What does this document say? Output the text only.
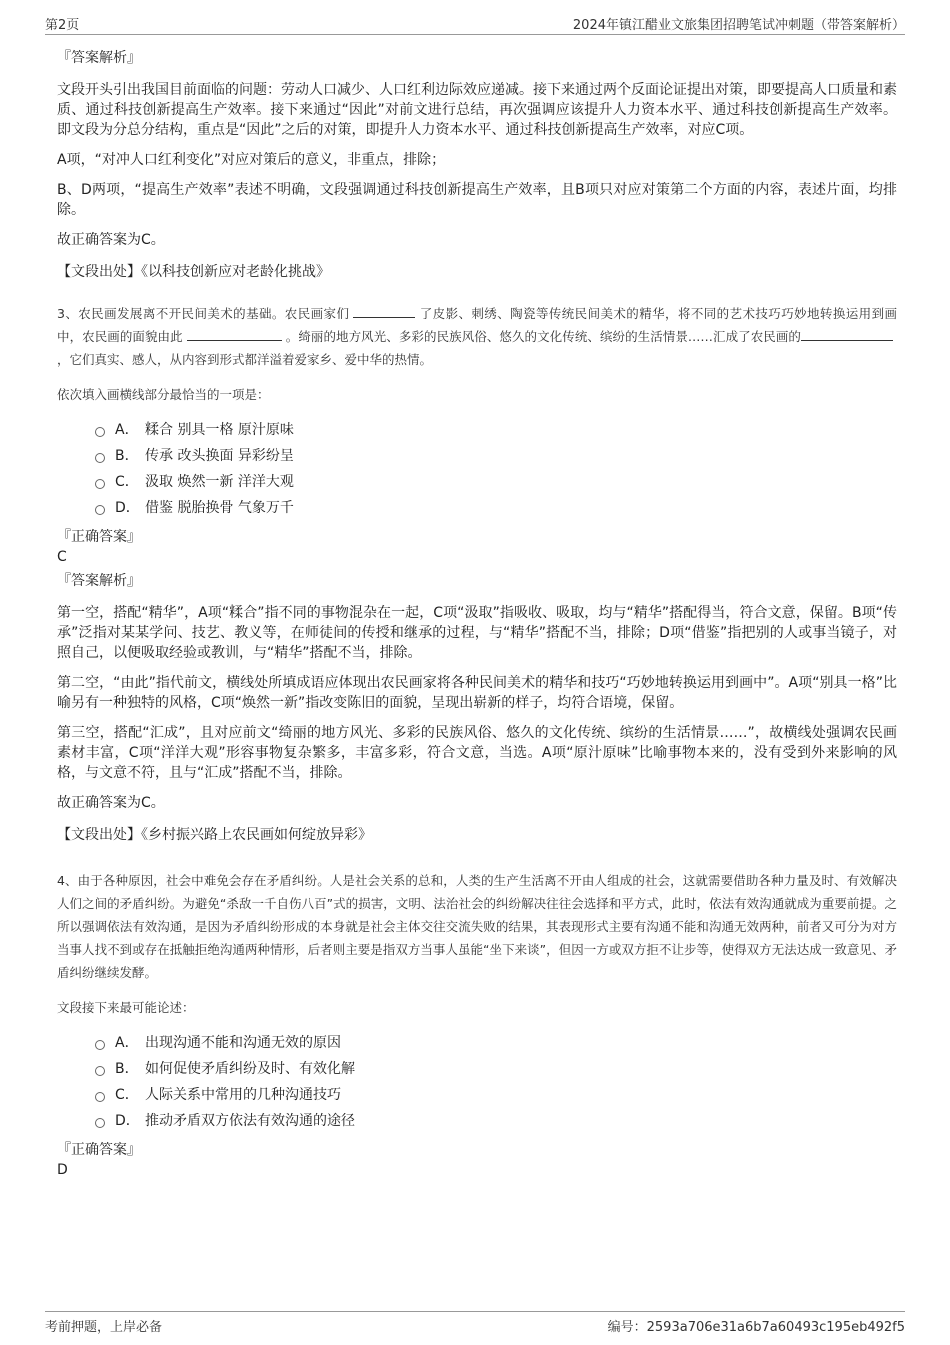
第2页	2024年镇江醋业文旅集团招聘笔试冲刺题（带答案解析）

『答案解析』

文段开头引出我国目前面临的问题：劳动人口减少、人口红利边际效应递减。接下来通过两个反面论证提出对策，即要提高人口质量和素质、通过科技创新提高生产效率。接下来通过“因此”对前文进行总结，再次强调应该提升人力资本水平、通过科技创新提高生产效率。即文段为分总分结构，重点是“因此”之后的对策，即提升人力资本水平、通过科技创新提高生产效率，对应C项。

A项，“对冲人口红利变化”对应对策后的意义，非重点，排除；

B、D两项，“提高生产效率”表述不明确，文段强调通过科技创新提高生产效率，且B项只对应对策第二个方面的内容，表述片面，均排除。

故正确答案为C。

【文段出处】《以科技创新应对老龄化挑战》

3、农民画发展离不开民间美术的基础。农民画家们	了皮影、刺绣、陶瓷等传统民间美术的精华，将不同的艺术技巧巧妙地转换运用到画中，农民画的面貌由此	。绮丽的地方风光、多彩的民族风俗、悠久的文化传统、缤纷的生活情景……汇成了农民画的，它们真实、感人，从内容到形式都洋溢着爱家乡、爱中华的热情。

依次填入画横线部分最恰当的一项是：

A． 糅合 别具一格 原汁原味
B． 传承 改头换面 异彩纷呈
C． 汲取 焕然一新 洋洋大观
D． 借鉴 脱胎换骨 气象万千

『正确答案』

C

『答案解析』

第一空，搭配“精华”，A项“糅合”指不同的事物混杂在一起，C项“汲取”指吸收、吸取，均与“精华”搭配得当，符合文意，保留。B项“传承”泛指对某某学问、技艺、教义等，在师徒间的传授和继承的过程，与“精华”搭配不当，排除；D项“借鉴”指把别的人或事当镜子，对照自己，以便吸取经验或教训，与“精华”搭配不当，排除。

第二空，“由此”指代前文，横线处所填成语应体现出农民画家将各种民间美术的精华和技巧“巧妙地转换运用到画中”。A项“别具一格”比喻另有一种独特的风格，C项“焕然一新”指改变陈旧的面貌，呈现出崭新的样子，均符合语境，保留。

第三空，搭配“汇成”，且对应前文“绮丽的地方风光、多彩的民族风俗、悠久的文化传统、缤纷的生活情景……”，故横线处强调农民画素材丰富，C项“洋洋大观”形容事物复杂繁多，丰富多彩，符合文意，当选。A项“原汁原味”比喻事物本来的，没有受到外来影响的风格，与文意不符，且与“汇成”搭配不当，排除。

故正确答案为C。

【文段出处】《乡村振兴路上农民画如何绽放异彩》

4、由于各种原因，社会中难免会存在矛盾纠纷。人是社会关系的总和，人类的生产生活离不开由人组成的社会，这就需要借助各种力量及时、有效解决人们之间的矛盾纠纷。为避免“杀敌一千自伤八百”式的损害，文明、法治社会的纠纷解决往往会选择和平方式，此时，依法有效沟通就成为重要前提。之所以强调依法有效沟通，是因为矛盾纠纷形成的本身就是社会主体交往交流失败的结果，其表现形式主要有沟通不能和沟通无效两种，前者又可分为对方当事人找不到或存在抵触拒绝沟通两种情形，后者则主要是指双方当事人虽能“坐下来谈”，但因一方或双方拒不让步等，使得双方无法达成一致意见、矛盾纠纷继续发酵。

文段接下来最可能论述：

A． 出现沟通不能和沟通无效的原因
B． 如何促使矛盾纠纷及时、有效化解
C． 人际关系中常用的几种沟通技巧
D． 推动矛盾双方依法有效沟通的途径

『正确答案』

D

考前押题，上岸必备	编号：2593a706e31a6b7a60493c195eb492f5
